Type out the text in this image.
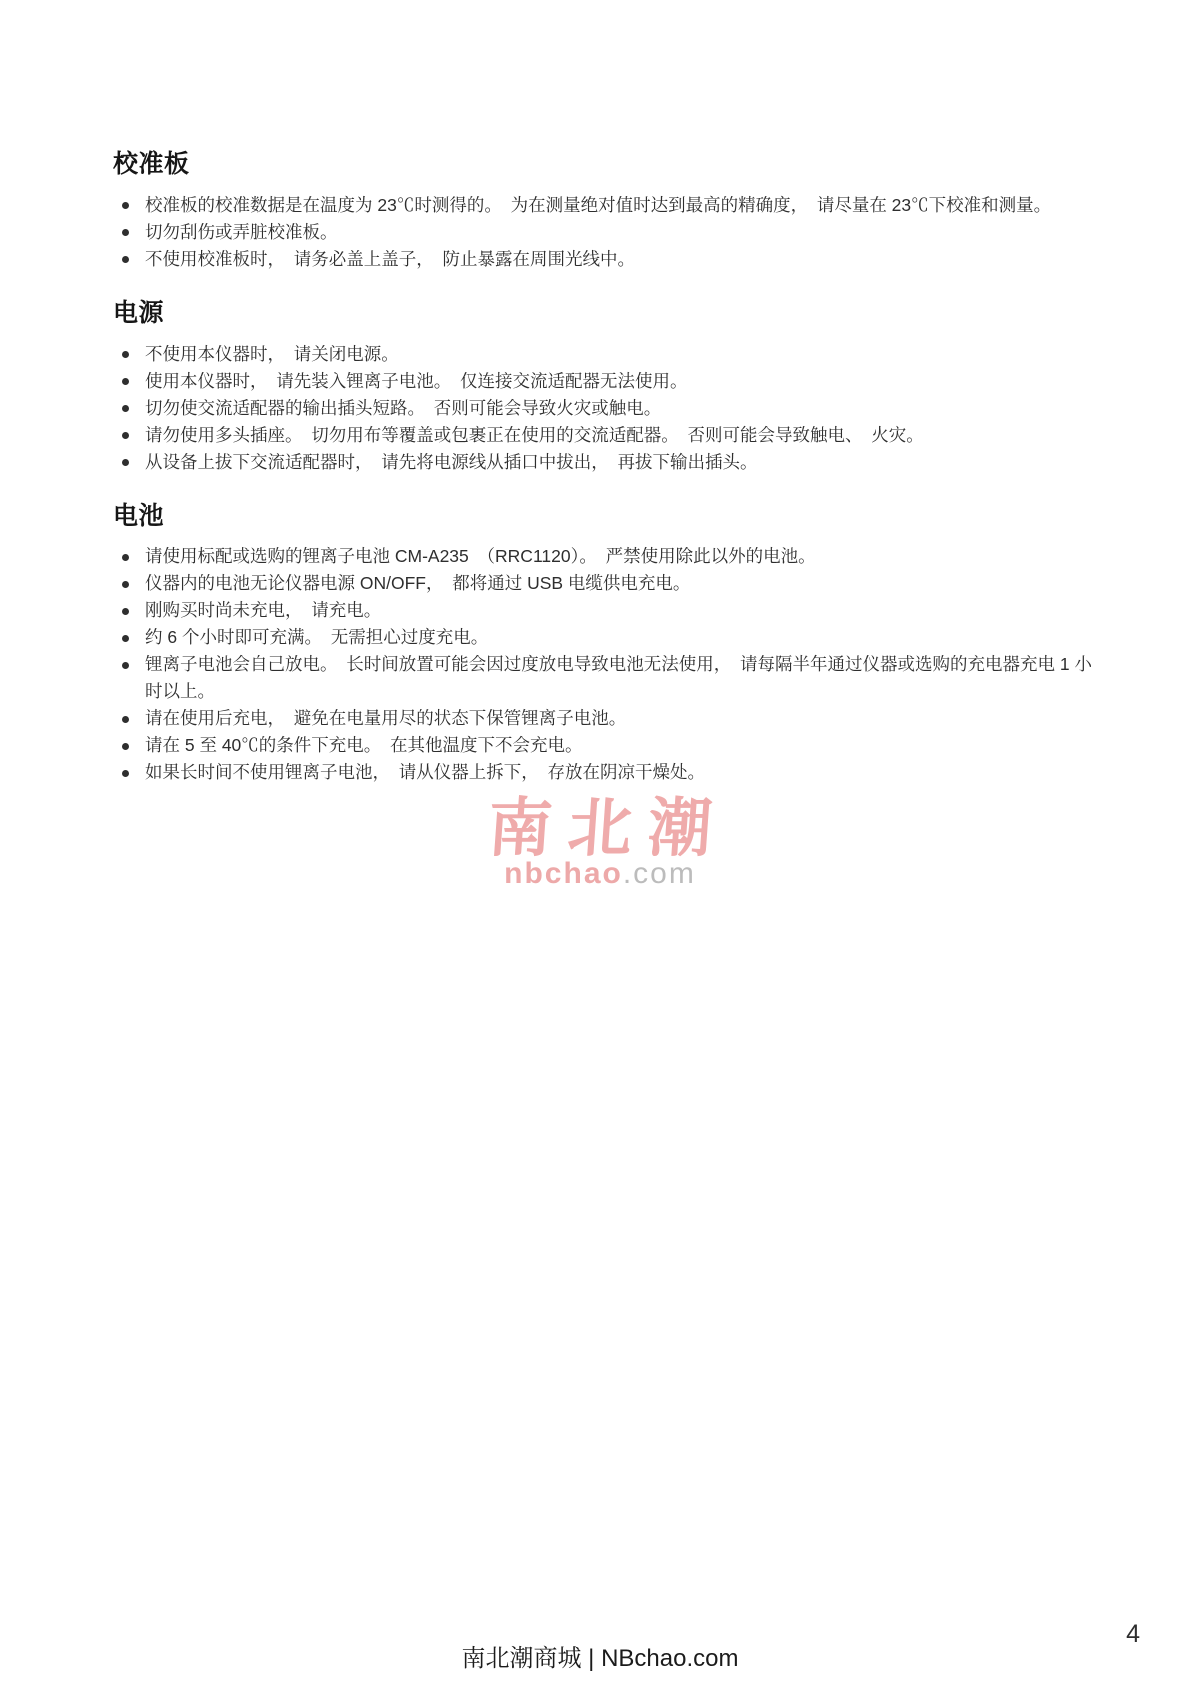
校准板
校准板的校准数据是在温度为 23℃时测得的。 为在测量绝对值时达到最高的精确度， 请尽量在 23℃下校准和测量。
切勿刮伤或弄脏校准板。
不使用校准板时，　请务必盖上盖子，　防止暴露在周围光线中。
电源
不使用本仪器时，　请关闭电源。
使用本仪器时，　请先装入锂离子电池。　仅连接交流适配器无法使用。
切勿使交流适配器的输出插头短路。　否则可能会导致火灾或触电。
请勿使用多头插座。　切勿用布等覆盖或包裹正在使用的交流适配器。　否则可能会导致触电、　火灾。
从设备上拔下交流适配器时，　请先将电源线从插口中拔出，　再拔下输出插头。
电池
请使用标配或选购的锂离子电池 CM-A235 （RRC1120）。 严禁使用除此以外的电池。
仪器内的电池无论仪器电源 ON/OFF，　都将通过 USB 电缆供电充电。
刚购买时尚未充电，　请充电。
约 6 个小时即可充满。　无需担心过度充电。
锂离子电池会自己放电。　长时间放置可能会因过度放电导致电池无法使用，　请每隔半年通过仪器或选购的充电器充电 1 小时以上。
请在使用后充电，　避免在电量用尽的状态下保管锂离子电池。
请在 5 至 40℃的条件下充电。　在其他温度下不会充电。
如果长时间不使用锂离子电池，　请从仪器上拆下，　存放在阴凉干燥处。
南北潮
nbchao.com
南北潮商城 | NBchao.com
4
